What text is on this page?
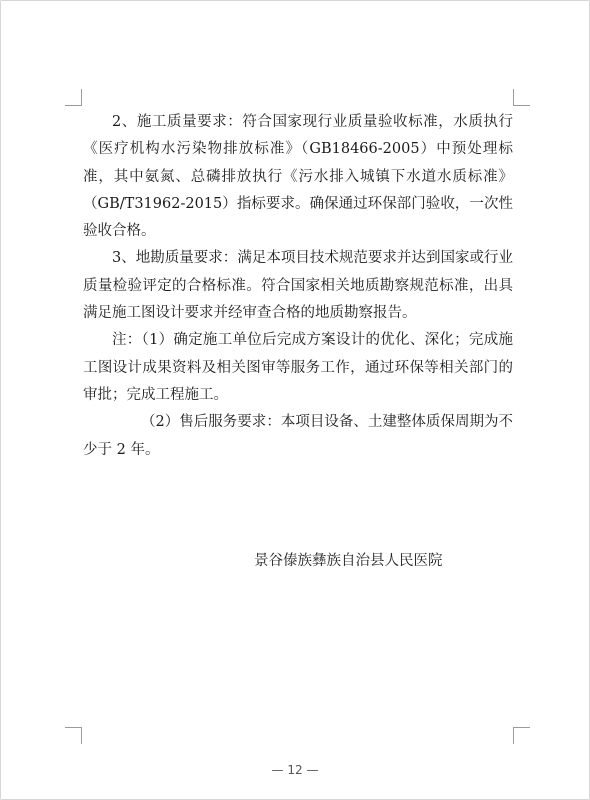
2、施工质量要求：符合国家现行业质量验收标准，水质执行《医疗机构水污染物排放标准》（GB18466-2005）中预处理标准，其中氨氮、总磷排放执行《污水排入城镇下水道水质标准》（GB/T31962-2015）指标要求。确保通过环保部门验收，一次性验收合格。

3、地勘质量要求：满足本项目技术规范要求并达到国家或行业质量检验评定的合格标准。符合国家相关地质勘察规范标准，出具满足施工图设计要求并经审查合格的地质勘察报告。

注：（1）确定施工单位后完成方案设计的优化、深化；完成施工图设计成果资料及相关图审等服务工作，通过环保等相关部门的审批；完成工程施工。

（2）售后服务要求：本项目设备、土建整体质保周期为不少于 2 年。

景谷傣族彝族自治县人民医院
— 12 —
